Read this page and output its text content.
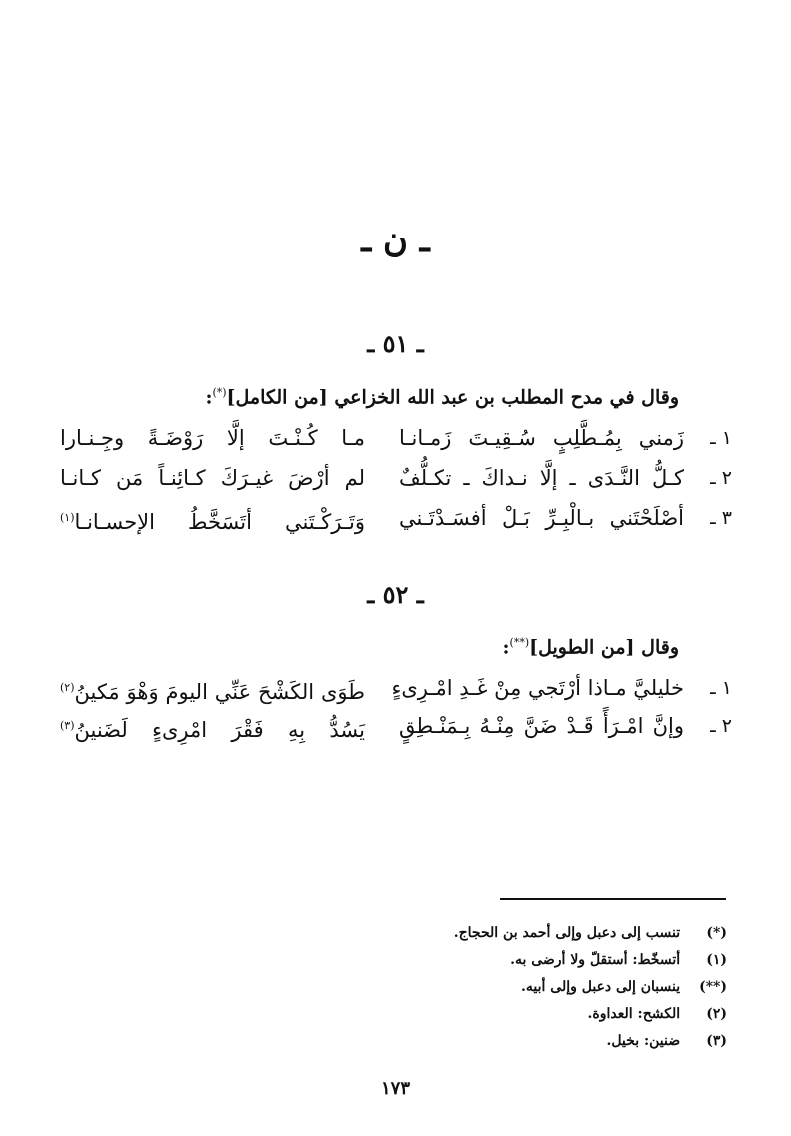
ـ ن ـ
ـ ٥١ ـ
وقال في مدح المطلب بن عبد الله الخزاعي [من الكامل](*):
١ ـ
زَمني بِمُـطَّلِبٍ سُـقِيـتَ زَمـانـا
مـا كُـنْـتَ إلَّا رَوْضَـةً وجِـنـارا
٢ ـ
كـلُّ النَّـدَى ـ إلَّا نـداكَ ـ تكـلُّفٌ
لم أرْضَ غيـرَكَ كـائِنـاً مَن كـانـا
٣ ـ
أصْلَحْتَني بـالْبِـرِّ بَـلْ أفسَـدْتَـني
وَتَـرَكْـتَني أتَسَخَّطُ الإحسـانـا$^{(١)}$
ـ ٥٢ ـ
وقال [من الطويل](**):
١ ـ
خليليَّ مـاذا أرْتَجي مِنْ غَـدِ امْـرِىءٍ
طَوَى الكَشْحَ عَنِّي اليومَ وَهْوَ مَكينُ$^{(٢)}$
٢ ـ
وإنَّ امْـرَأً قَـدْ ضَنَّ مِنْـهُ بِـمَنْـطِقٍ
يَسُدُّ بِهِ فَقْرَ امْرِىءٍ لَضَنينُ$^{(٣)}$
(*) تنسب إلى دعبل وإلى أحمد بن الحجاج.
(١) أتسخّط: أستقلّ ولا أرضى به.
(**) ينسبان إلى دعبل وإلى أبيه.
(٢) الكشح: العداوة.
(٣) ضنين: بخيل.
١٧٣
